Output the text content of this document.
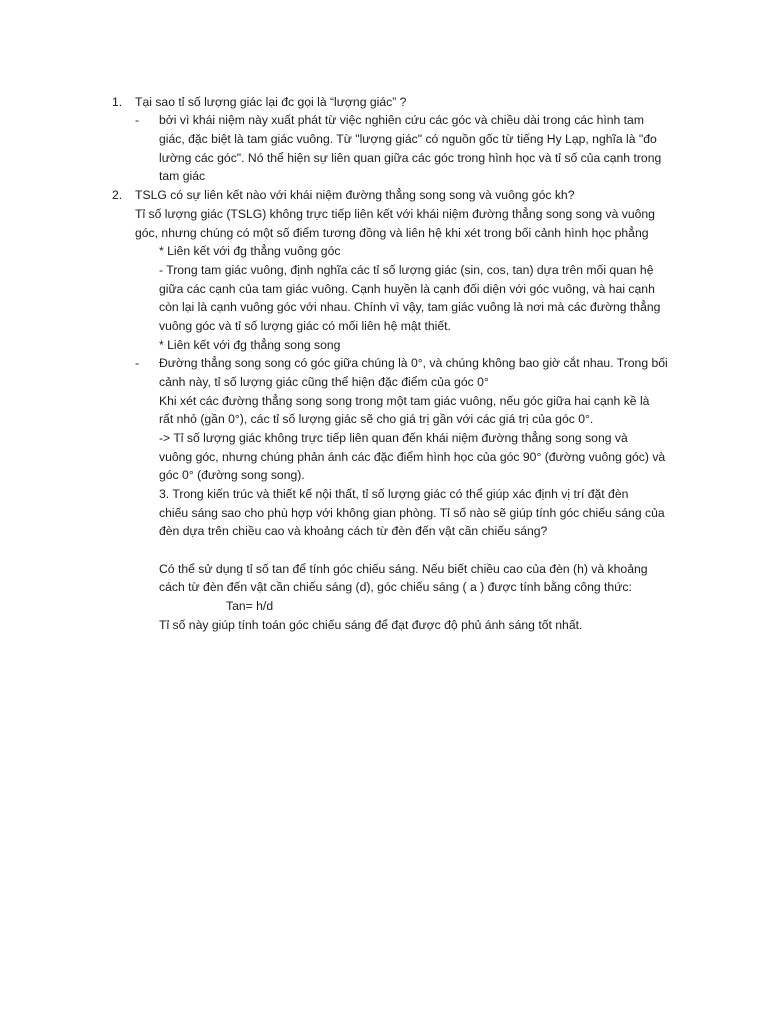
1. Tại sao tỉ số lượng giác lại đc gọi là “lượng giác” ?
- bởi vì khái niệm này xuất phát từ việc nghiên cứu các góc và chiều dài trong các hình tam
giác, đặc biệt là tam giác vuông. Từ "lượng giác" có nguồn gốc từ tiếng Hy Lạp, nghĩa là "đo
lường các góc". Nó thể hiện sự liên quan giữa các góc trong hình học và tỉ số của cạnh trong
tam giác
2. TSLG có sự liên kết nào với khái niệm đường thẳng song song và vuông góc kh?
Tỉ số lượng giác (TSLG) không trực tiếp liên kết với khái niệm đường thẳng song song và vuông
góc, nhưng chúng có một số điểm tương đồng và liên hệ khi xét trong bối cảnh hình học phẳng
* Liên kết với đg thẳng vuông góc
- Trong tam giác vuông, định nghĩa các tỉ số lượng giác (sin, cos, tan) dựa trên mối quan hệ
giữa các cạnh của tam giác vuông. Cạnh huyền là cạnh đối diện với góc vuông, và hai cạnh
còn lại là cạnh vuông góc với nhau. Chính vì vậy, tam giác vuông là nơi mà các đường thẳng
vuông góc và tỉ số lượng giác có mối liên hệ mật thiết.
* Liên kết với đg thẳng song song
- Đường thẳng song song có góc giữa chúng là 0°, và chúng không bao giờ cắt nhau. Trong bối
cảnh này, tỉ số lượng giác cũng thể hiện đặc điểm của góc 0°
Khi xét các đường thẳng song song trong một tam giác vuông, nếu góc giữa hai cạnh kề là
rất nhỏ (gần 0°), các tỉ số lượng giác sẽ cho giá trị gần với các giá trị của góc 0°.
-> Tỉ số lượng giác không trực tiếp liên quan đến khái niệm đường thẳng song song và
vuông góc, nhưng chúng phản ánh các đặc điểm hình học của góc 90° (đường vuông góc) và
góc 0° (đường song song).
3. Trong kiến trúc và thiết kế nội thất, tỉ số lượng giác có thể giúp xác định vị trí đặt đèn
chiếu sáng sao cho phù hợp với không gian phòng. Tỉ số nào sẽ giúp tính góc chiếu sáng của
đèn dựa trên chiều cao và khoảng cách từ đèn đến vật cần chiếu sáng?
Có thể sử dụng tỉ số tan để tính góc chiếu sáng. Nếu biết chiều cao của đèn (h) và khoảng
cách từ đèn đến vật cần chiếu sáng (d), góc chiếu sáng ( a ) được tính bằng công thức:
Tan= h/d
Tỉ số này giúp tính toán góc chiếu sáng để đạt được độ phủ ánh sáng tốt nhất.
